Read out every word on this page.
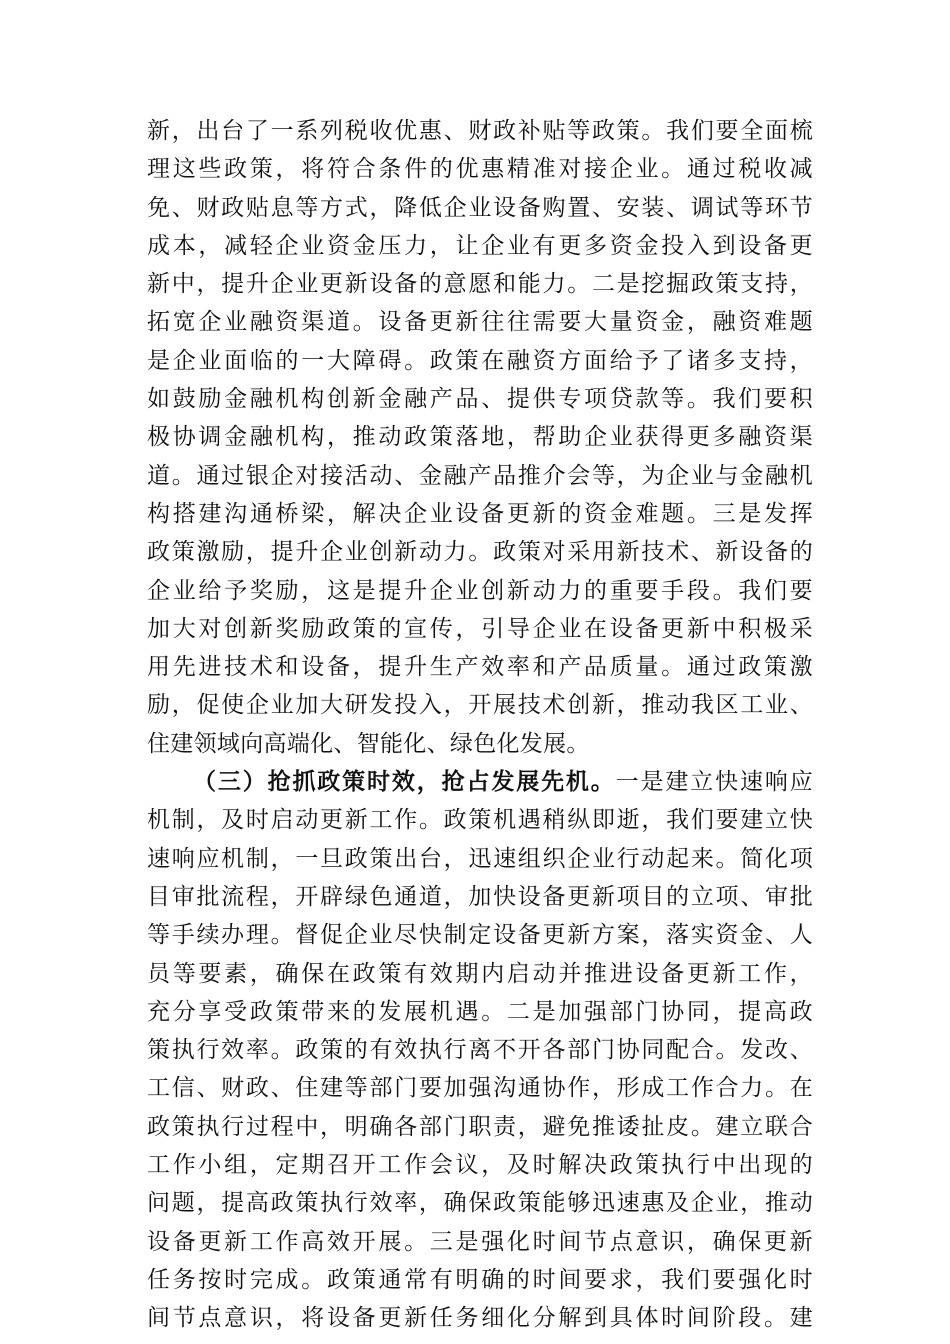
新，出台了一系列税收优惠、财政补贴等政策。我们要全面梳
理这些政策，将符合条件的优惠精准对接企业。通过税收减
免、财政贴息等方式，降低企业设备购置、安装、调试等环节
成本，减轻企业资金压力，让企业有更多资金投入到设备更
新中，提升企业更新设备的意愿和能力。二是挖掘政策支持，
拓宽企业融资渠道。设备更新往往需要大量资金，融资难题
是企业面临的一大障碍。政策在融资方面给予了诸多支持，
如鼓励金融机构创新金融产品、提供专项贷款等。我们要积
极协调金融机构，推动政策落地，帮助企业获得更多融资渠
道。通过银企对接活动、金融产品推介会等，为企业与金融机
构搭建沟通桥梁，解决企业设备更新的资金难题。三是发挥
政策激励，提升企业创新动力。政策对采用新技术、新设备的
企业给予奖励，这是提升企业创新动力的重要手段。我们要
加大对创新奖励政策的宣传，引导企业在设备更新中积极采
用先进技术和设备，提升生产效率和产品质量。通过政策激
励，促使企业加大研发投入，开展技术创新，推动我区工业、
住建领域向高端化、智能化、绿色化发展。
（三）抢抓政策时效，抢占发展先机。一是建立快速响应
机制，及时启动更新工作。政策机遇稍纵即逝，我们要建立快
速响应机制，一旦政策出台，迅速组织企业行动起来。简化项
目审批流程，开辟绿色通道，加快设备更新项目的立项、审批
等手续办理。督促企业尽快制定设备更新方案，落实资金、人
员等要素，确保在政策有效期内启动并推进设备更新工作，
充分享受政策带来的发展机遇。二是加强部门协同，提高政
策执行效率。政策的有效执行离不开各部门协同配合。发改、
工信、财政、住建等部门要加强沟通协作，形成工作合力。在
政策执行过程中，明确各部门职责，避免推诿扯皮。建立联合
工作小组，定期召开工作会议，及时解决政策执行中出现的
问题，提高政策执行效率，确保政策能够迅速惠及企业，推动
设备更新工作高效开展。三是强化时间节点意识，确保更新
任务按时完成。政策通常有明确的时间要求，我们要强化时
间节点意识，将设备更新任务细化分解到具体时间阶段。建
